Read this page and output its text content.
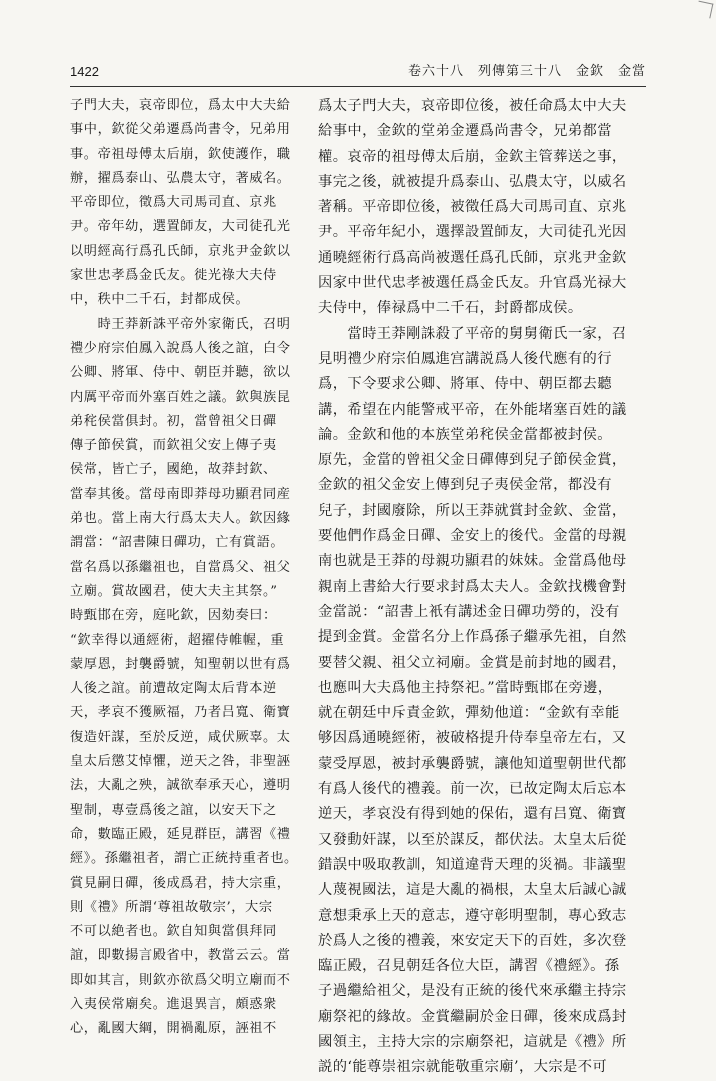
1422	卷六十八　列傳第三十八　金欽　金當
子門大夫，哀帝即位，爲太中大夫給
事中，欽從父弟遷爲尚書令，兄弟用
事。帝祖母傅太后崩，欽使護作，職
辦，擢爲泰山、弘農太守，著威名。
平帝即位，徵爲大司馬司直、京兆
尹。帝年幼，選置師友，大司徒孔光
以明經高行爲孔氏師，京兆尹金欽以
家世忠孝爲金氏友。徙光祿大夫侍
中，秩中二千石，封都成侯。
　　時王莽新誅平帝外家衛氏，召明
禮少府宗伯鳳入說爲人後之誼，白令
公卿、將軍、侍中、朝臣并聽，欲以
内厲平帝而外塞百姓之議。欽與族昆
弟秺侯當俱封。初，當曾祖父日磾
傳子節侯賞，而欽祖父安上傳子夷
侯常，皆亡子，國絶，故莽封欽、
當奉其後。當母南即莽母功顯君同産
弟也。當上南大行爲太夫人。欽因緣
謂當：“詔書陳日磾功，亡有賞語。
當名爲以孫繼祖也，自當爲父、祖父
立廟。賞故國君，使大夫主其祭。”
時甄邯在旁，庭叱欽，因劾奏曰：
“欽幸得以通經術，超擢侍帷幄，重
蒙厚恩，封襲爵號，知聖朝以世有爲
人後之誼。前遭故定陶太后背本逆
天，孝哀不獲厥福，乃者吕寬、衛寶
復造奸謀，至於反逆，咸伏厥辜。太
皇太后懲艾悼懼，逆天之咎，非聖誣
法，大亂之殃，誠欲奉承天心，遵明
聖制，專壹爲後之誼，以安天下之
命，數臨正殿，延見群臣，講習《禮
經》。孫繼祖者，謂亡正統持重者也。
賞見嗣日磾，後成爲君，持大宗重，
則《禮》所謂‘尊祖故敬宗’，大宗
不可以絶者也。欽自知與當俱拜同
誼，即數揚言殿省中，教當云云。當
即如其言，則欽亦欲爲父明立廟而不
入夷侯常廟矣。進退異言，頗惑衆
心，亂國大綱，開禍亂原，誣祖不
爲太子門大夫，哀帝即位後，被任命爲太中大夫
給事中，金欽的堂弟金遷爲尚書令，兄弟都當
權。哀帝的祖母傅太后崩，金欽主管葬送之事，
事完之後，就被提升爲泰山、弘農太守，以威名
著稱。平帝即位後，被徵任爲大司馬司直、京兆
尹。平帝年紀小，選擇設置師友，大司徒孔光因
通曉經術行爲高尚被選任爲孔氏師，京兆尹金欽
因家中世代忠孝被選任爲金氏友。升官爲光禄大
夫侍中，俸禄爲中二千石，封爵都成侯。
　　當時王莽剛誅殺了平帝的舅舅衛氏一家，召
見明禮少府宗伯鳳進宫講説爲人後代應有的行
爲，下令要求公卿、將軍、侍中、朝臣都去聽
講，希望在内能警戒平帝，在外能堵塞百姓的議
論。金欽和他的本族堂弟秺侯金當都被封侯。
原先，金當的曾祖父金日磾傳到兒子節侯金賞，
金欽的祖父金安上傳到兒子夷侯金常，都没有
兒子，封國廢除，所以王莽就賞封金欽、金當，
要他們作爲金日磾、金安上的後代。金當的母親
南也就是王莽的母親功顯君的妹妹。金當爲他母
親南上書給大行要求封爲太夫人。金欽找機會對
金當説：“詔書上衹有講述金日磾功勞的，没有
提到金賞。金當名分上作爲孫子繼承先祖，自然
要替父親、祖父立祠廟。金賞是前封地的國君，
也應叫大夫爲他主持祭祀。”當時甄邯在旁邊，
就在朝廷中斥責金欽，彈劾他道：“金欽有幸能
够因爲通曉經術，被破格提升侍奉皇帝左右，又
蒙受厚恩，被封承襲爵號，讓他知道聖朝世代都
有爲人後代的禮義。前一次，已故定陶太后忘本
逆天，孝哀没有得到她的保佑，還有吕寬、衛寶
又發動奸謀，以至於謀反，都伏法。太皇太后從
錯誤中吸取教訓，知道違背天理的災禍。非議聖
人蔑視國法，這是大亂的禍根，太皇太后誠心誠
意想秉承上天的意志，遵守彰明聖制，專心致志
於爲人之後的禮義，來安定天下的百姓，多次登
臨正殿，召見朝廷各位大臣，講習《禮經》。孫
子過繼給祖父，是没有正統的後代來承繼主持宗
廟祭祀的緣故。金賞繼嗣於金日磾，後來成爲封
國領主，主持大宗的宗廟祭祀，這就是《禮》所
説的‘能尊崇祖宗就能敬重宗廟’，大宗是不可
